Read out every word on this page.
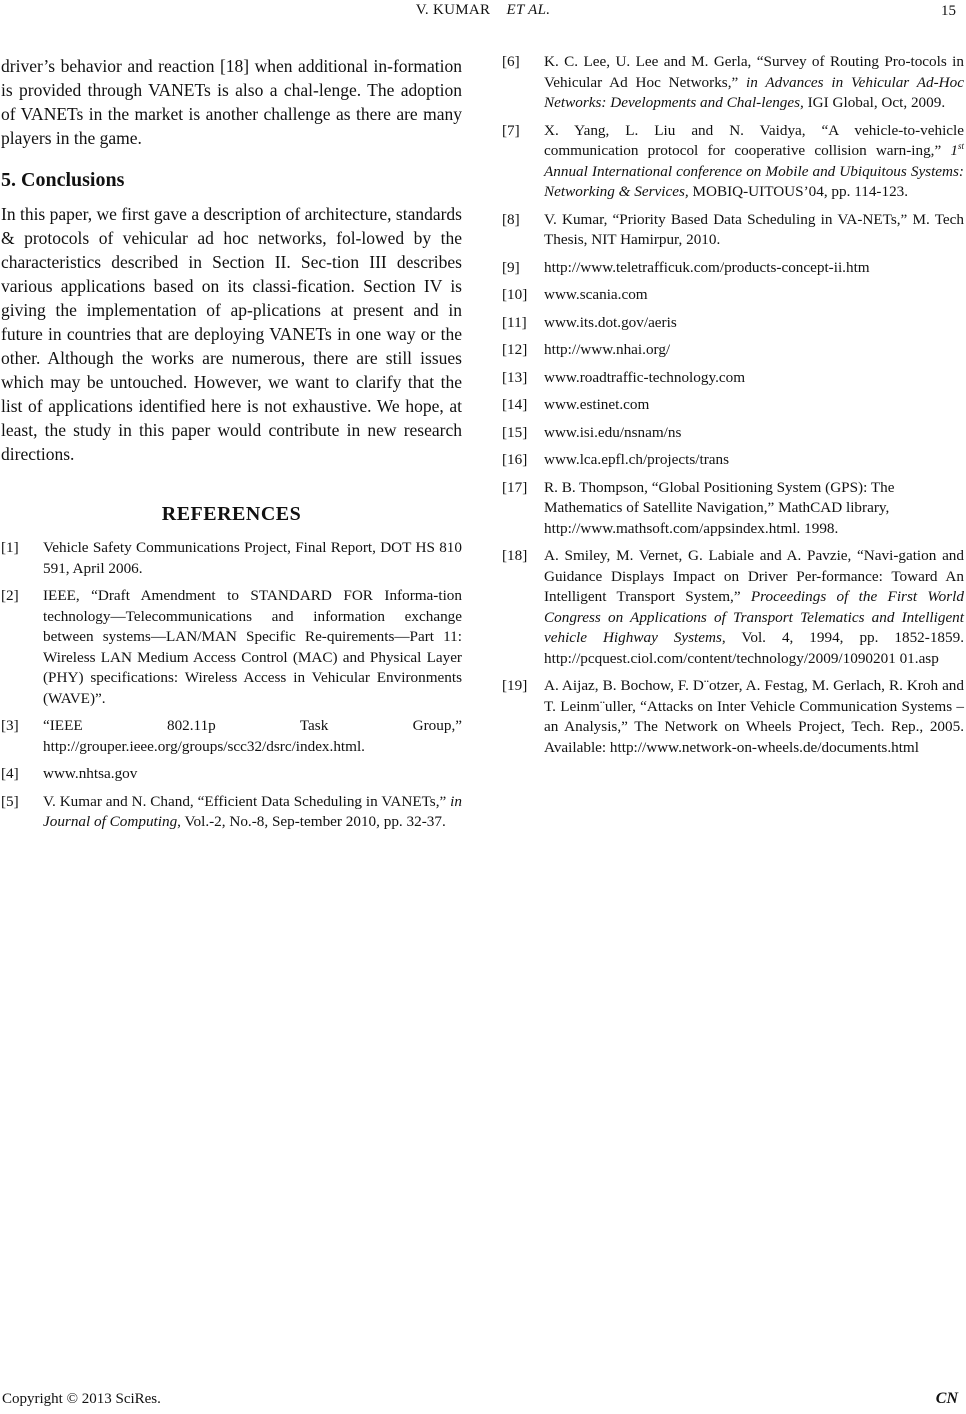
V. KUMAR ET AL.	15

driver’s behavior and reaction [18] when additional in-formation is provided through VANETs is also a chal-lenge. The adoption of VANETs in the market is another challenge as there are many players in the game.

5. Conclusions

In this paper, we first gave a description of architecture, standards & protocols of vehicular ad hoc networks, fol-lowed by the characteristics described in Section II. Sec-tion III describes various applications based on its classi-fication. Section IV is giving the implementation of ap-plications at present and in future in countries that are deploying VANETs in one way or the other. Although the works are numerous, there are still issues which may be untouched. However, we want to clarify that the list of applications identified here is not exhaustive. We hope, at least, the study in this paper would contribute in new research directions.

REFERENCES
[1]	Vehicle Safety Communications Project, Final Report, DOT HS 810 591, April 2006.
[2]	IEEE, “Draft Amendment to STANDARD FOR Informa-tion technology—Telecommunications and information exchange between systems—LAN/MAN Specific Re-quirements—Part 11: Wireless LAN Medium Access Control (MAC) and Physical Layer (PHY) specifications: Wireless Access in Vehicular Environments (WAVE)”.
[3]	“IEEE 802.11p Task Group,” http://grouper.ieee.org/groups/scc32/dsrc/index.html.
[4]	www.nhtsa.gov
[5]	V. Kumar and N. Chand, “Efficient Data Scheduling in VANETs,” in Journal of Computing, Vol.-2, No.-8, Sep-tember 2010, pp. 32-37.
[6]	K. C. Lee, U. Lee and M. Gerla, “Survey of Routing Pro-tocols in Vehicular Ad Hoc Networks,” in Advances in Vehicular Ad-Hoc Networks: Developments and Chal-lenges, IGI Global, Oct, 2009.
[7]	X. Yang, L. Liu and N. Vaidya, “A vehicle-to-vehicle communication protocol for cooperative collision warn-ing,” 1st Annual International conference on Mobile and Ubiquitous Systems: Networking & Services, MOBIQ-UITOUS’04, pp. 114-123.
[8]	V. Kumar, “Priority Based Data Scheduling in VA-NETs,” M. Tech Thesis, NIT Hamirpur, 2010.
[9]	http://www.teletrafficuk.com/products-concept-ii.htm
[10]	www.scania.com
[11]	www.its.dot.gov/aeris
[12]	http://www.nhai.org/
[13]	www.roadtraffic-technology.com
[14]	www.estinet.com
[15]	www.isi.edu/nsnam/ns
[16]	www.lca.epfl.ch/projects/trans
[17]	R. B. Thompson, “Global Positioning System (GPS): The Mathematics of Satellite Navigation,” MathCAD library, http://www.mathsoft.com/appsindex.html. 1998.
[18]	A. Smiley, M. Vernet, G. Labiale and A. Pavzie, “Navi-gation and Guidance Displays Impact on Driver Per-formance: Toward An Intelligent Transport System,” Proceedings of the First World Congress on Applications of Transport Telematics and Intelligent vehicle Highway Systems, Vol. 4, 1994, pp. 1852-1859. http://pcquest.ciol.com/content/technology/2009/1090201 01.asp
[19]	A. Aijaz, B. Bochow, F. D¨otzer, A. Festag, M. Gerlach, R. Kroh and T. Leinm¨uller, “Attacks on Inter Vehicle Communication Systems – an Analysis,” The Network on Wheels Project, Tech. Rep., 2005. Available: http://www.network-on-wheels.de/documents.html
Copyright © 2013 SciRes.	CN
